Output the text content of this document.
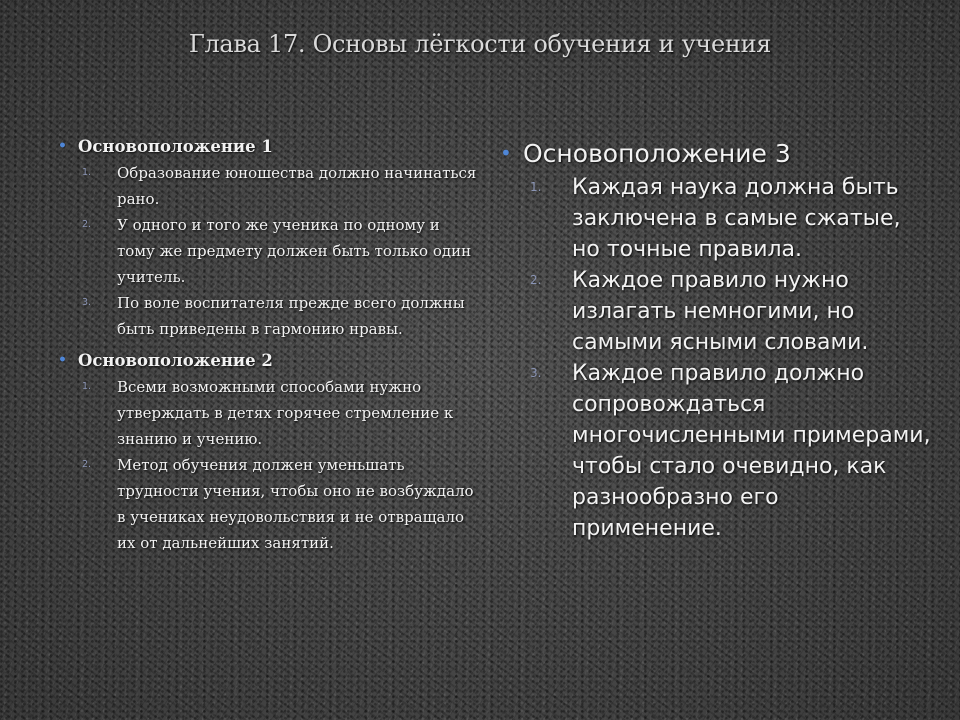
Глава 17. Основы лёгкости обучения и учения
• Основоположение 1
1. Образование юношества должно начинаться рано.
2. У одного и того же ученика по одному и тому же предмету должен быть только один учитель.
3. По воле воспитателя прежде всего должны быть приведены в гармонию нравы.
• Основоположение 2
1. Всеми возможными способами нужно утверждать в детях горячее стремление к знанию и учению.
2. Метод обучения должен уменьшать трудности учения, чтобы оно не возбуждало в учениках неудовольствия и не отвращало их от дальнейших занятий.
• Основоположение 3
1. Каждая наука должна быть заключена в самые сжатые, но точные правила.
2. Каждое правило нужно излагать немногими, но самыми ясными словами.
3. Каждое правило должно сопровождаться многочисленными примерами, чтобы стало очевидно, как разнообразно его применение.
